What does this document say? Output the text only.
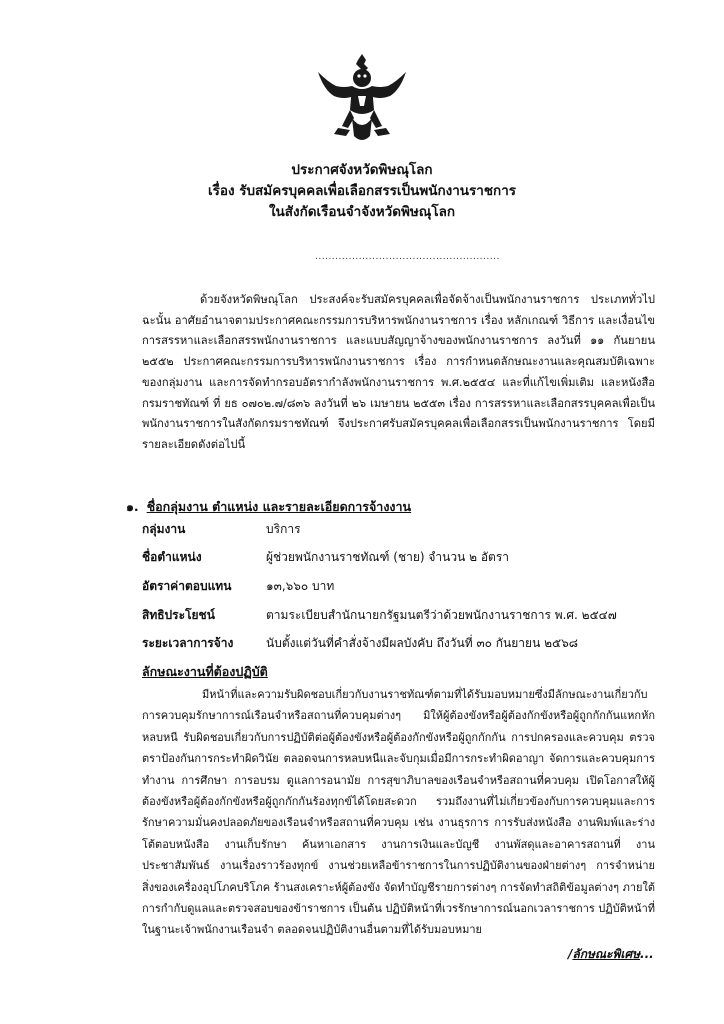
ประกาศจังหวัดพิษณุโลก
เรื่อง รับสมัครบุคคลเพื่อเลือกสรรเป็นพนักงานราชการ
ในสังกัดเรือนจำจังหวัดพิษณุโลก
.......................................................
ด้วยจังหวัดพิษณุโลก ประสงค์จะรับสมัครบุคคลเพื่อจัดจ้างเป็นพนักงานราชการ ประเภททั่วไป ฉะนั้น อาศัยอำนาจตามประกาศคณะกรรมการบริหารพนักงานราชการ เรื่อง หลักเกณฑ์ วิธีการ และเงื่อนไขการสรรหาและเลือกสรรพนักงานราชการ และแบบสัญญาจ้างของพนักงานราชการ ลงวันที่ ๑๑ กันยายน ๒๕๕๒ ประกาศคณะกรรมการบริหารพนักงานราชการ เรื่อง การกำหนดลักษณะงานและคุณสมบัติเฉพาะของกลุ่มงาน และการจัดทำกรอบอัตรากำลังพนักงานราชการ พ.ศ.๒๕๕๔ และที่แก้ไขเพิ่มเติม และหนังสือกรมราชทัณฑ์ ที่ ยธ ๐๗๐๒.๗/๘๓๖ ลงวันที่ ๒๖ เมษายน ๒๕๕๓ เรื่อง การสรรหาและเลือกสรรบุคคลเพื่อเป็นพนักงานราชการในสังกัดกรมราชทัณฑ์ จึงประกาศรับสมัครบุคคลเพื่อเลือกสรรเป็นพนักงานราชการ โดยมีรายละเอียดดังต่อไปนี้
๑. ชื่อกลุ่มงาน ตำแหน่ง และรายละเอียดการจ้างงาน
กลุ่มงาน	บริการ
ชื่อตำแหน่ง	ผู้ช่วยพนักงานราชทัณฑ์ (ชาย) จำนวน ๒ อัตรา
อัตราค่าตอบแทน	๑๓,๖๖๐ บาท
สิทธิประโยชน์	ตามระเบียบสำนักนายกรัฐมนตรีว่าด้วยพนักงานราชการ พ.ศ. ๒๕๔๗
ระยะเวลาการจ้าง	นับตั้งแต่วันที่คำสั่งจ้างมีผลบังคับ ถึงวันที่ ๓๐ กันยายน ๒๕๖๘
ลักษณะงานที่ต้องปฏิบัติ
มีหน้าที่และความรับผิดชอบเกี่ยวกับงานราชทัณฑ์ตามที่ได้รับมอบหมายซึ่งมีลักษณะงานเกี่ยวกับการควบคุมรักษาการณ์เรือนจำหรือสถานที่ควบคุมต่างๆ มิให้ผู้ต้องขังหรือผู้ต้องกักขังหรือผู้ถูกกักกันแหกหักหลบหนี รับผิดชอบเกี่ยวกับการปฏิบัติต่อผู้ต้องขังหรือผู้ต้องกักขังหรือผู้ถูกกักกัน การปกครองและควบคุม ตรวจตราป้องกันการกระทำผิดวินัย ตลอดจนการหลบหนีและจับกุมเมื่อมีการกระทำผิดอาญา จัดการและควบคุมการทำงาน การศึกษา การอบรม ดูแลการอนามัย การสุขาภิบาลของเรือนจำหรือสถานที่ควบคุม เปิดโอกาสให้ผู้ต้องขังหรือผู้ต้องกักขังหรือผู้ถูกกักกันร้องทุกข์ได้โดยสะดวก รวมถึงงานที่ไม่เกี่ยวข้องกับการควบคุมและการรักษาความมั่นคงปลอดภัยของเรือนจำหรือสถานที่ควบคุม เช่น งานธุรการ การรับส่งหนังสือ งานพิมพ์และร่างโต้ตอบหนังสือ งานเก็บรักษา ค้นหาเอกสาร งานการเงินและบัญชี งานพัสดุและอาคารสถานที่ งานประชาสัมพันธ์ งานเรื่องราวร้องทุกข์ งานช่วยเหลือข้าราชการในการปฏิบัติงานของฝ่ายต่างๆ การจำหน่ายสิ่งของเครื่องอุปโภคบริโภค ร้านสงเคราะห์ผู้ต้องขัง จัดทำบัญชีรายการต่างๆ การจัดทำสถิติข้อมูลต่างๆ ภายใต้การกำกับดูแลและตรวจสอบของข้าราชการ เป็นต้น ปฏิบัติหน้าที่เวรรักษาการณ์นอกเวลาราชการ ปฏิบัติหน้าที่ในฐานะเจ้าพนักงานเรือนจำ ตลอดจนปฏิบัติงานอื่นตามที่ได้รับมอบหมาย
/ลักษณะพิเศษ...
